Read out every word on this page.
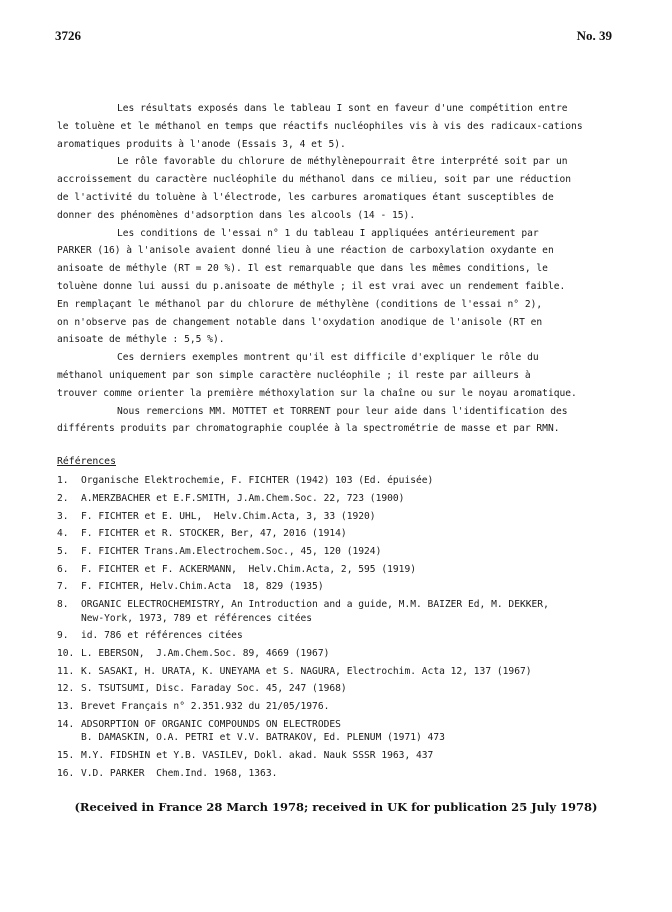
3726	No. 39

Les résultats exposés dans le tableau I sont en faveur d'une compétition entre

le toluène et le méthanol en temps que réactifs nucléophiles vis à vis des radicaux-cations

aromatiques produits à l'anode (Essais 3, 4 et 5).

Le rôle favorable du chlorure de méthylènepourrait être interprété soit par un

accroissement du caractère nucléophile du méthanol dans ce milieu, soit par une réduction

de l'activité du toluène à l'électrode, les carbures aromatiques étant susceptibles de

donner des phénomènes d'adsorption dans les alcools (14 - 15).

Les conditions de l'essai n° 1 du tableau I appliquées antérieurement par

PARKER (16) à l'anisole avaient donné lieu à une réaction de carboxylation oxydante en

anisoate de méthyle (RT = 20 %). Il est remarquable que dans les mêmes conditions, le

toluène donne lui aussi du p.anisoate de méthyle ; il est vrai avec un rendement faible.

En remplaçant le méthanol par du chlorure de méthylène (conditions de l'essai n° 2),

on n'observe pas de changement notable dans l'oxydation anodique de l'anisole (RT en

anisoate de méthyle : 5,5 %).

Ces derniers exemples montrent qu'il est difficile d'expliquer le rôle du

méthanol uniquement par son simple caractère nucléophile ; il reste par ailleurs à

trouver comme orienter la première méthoxylation sur la chaîne ou sur le noyau aromatique.

Nous remercions MM. MOTTET et TORRENT pour leur aide dans l'identification des

différents produits par chromatographie couplée à la spectrométrie de masse et par RMN.

Références
1.	Organische Elektrochemie, F. FICHTER (1942) 103 (Ed. épuisée)
2.	A.MERZBACHER et E.F.SMITH, J.Am.Chem.Soc. 22, 723 (1900)
3.	F. FICHTER et E. UHL,  Helv.Chim.Acta, 3, 33 (1920)
4.	F. FICHTER et R. STOCKER, Ber, 47, 2016 (1914)
5.	F. FICHTER Trans.Am.Electrochem.Soc., 45, 120 (1924)
6.	F. FICHTER et F. ACKERMANN,  Helv.Chim.Acta, 2, 595 (1919)
7.	F. FICHTER, Helv.Chim.Acta  18, 829 (1935)
8.	ORGANIC ELECTROCHEMISTRY, An Introduction and a guide, M.M. BAIZER Ed, M. DEKKER,
New-York, 1973, 789 et références citées
9.	id. 786 et références citées
10. L. EBERSON,  J.Am.Chem.Soc. 89, 4669 (1967)
11. K. SASAKI, H. URATA, K. UNEYAMA et S. NAGURA, Electrochim. Acta 12, 137 (1967)
12. S. TSUTSUMI, Disc. Faraday Soc. 45, 247 (1968)
13. Brevet Français n° 2.351.932 du 21/05/1976.
14. ADSORPTION OF ORGANIC COMPOUNDS ON ELECTRODES
B. DAMASKIN, O.A. PETRI et V.V. BATRAKOV, Ed. PLENUM (1971) 473
15. M.Y. FIDSHIN et Y.B. VASILEV, Dokl. akad. Nauk SSSR 1963, 437
16. V.D. PARKER  Chem.Ind. 1968, 1363.
(Received in France 28 March 1978; received in UK for publication 25 July 1978)
